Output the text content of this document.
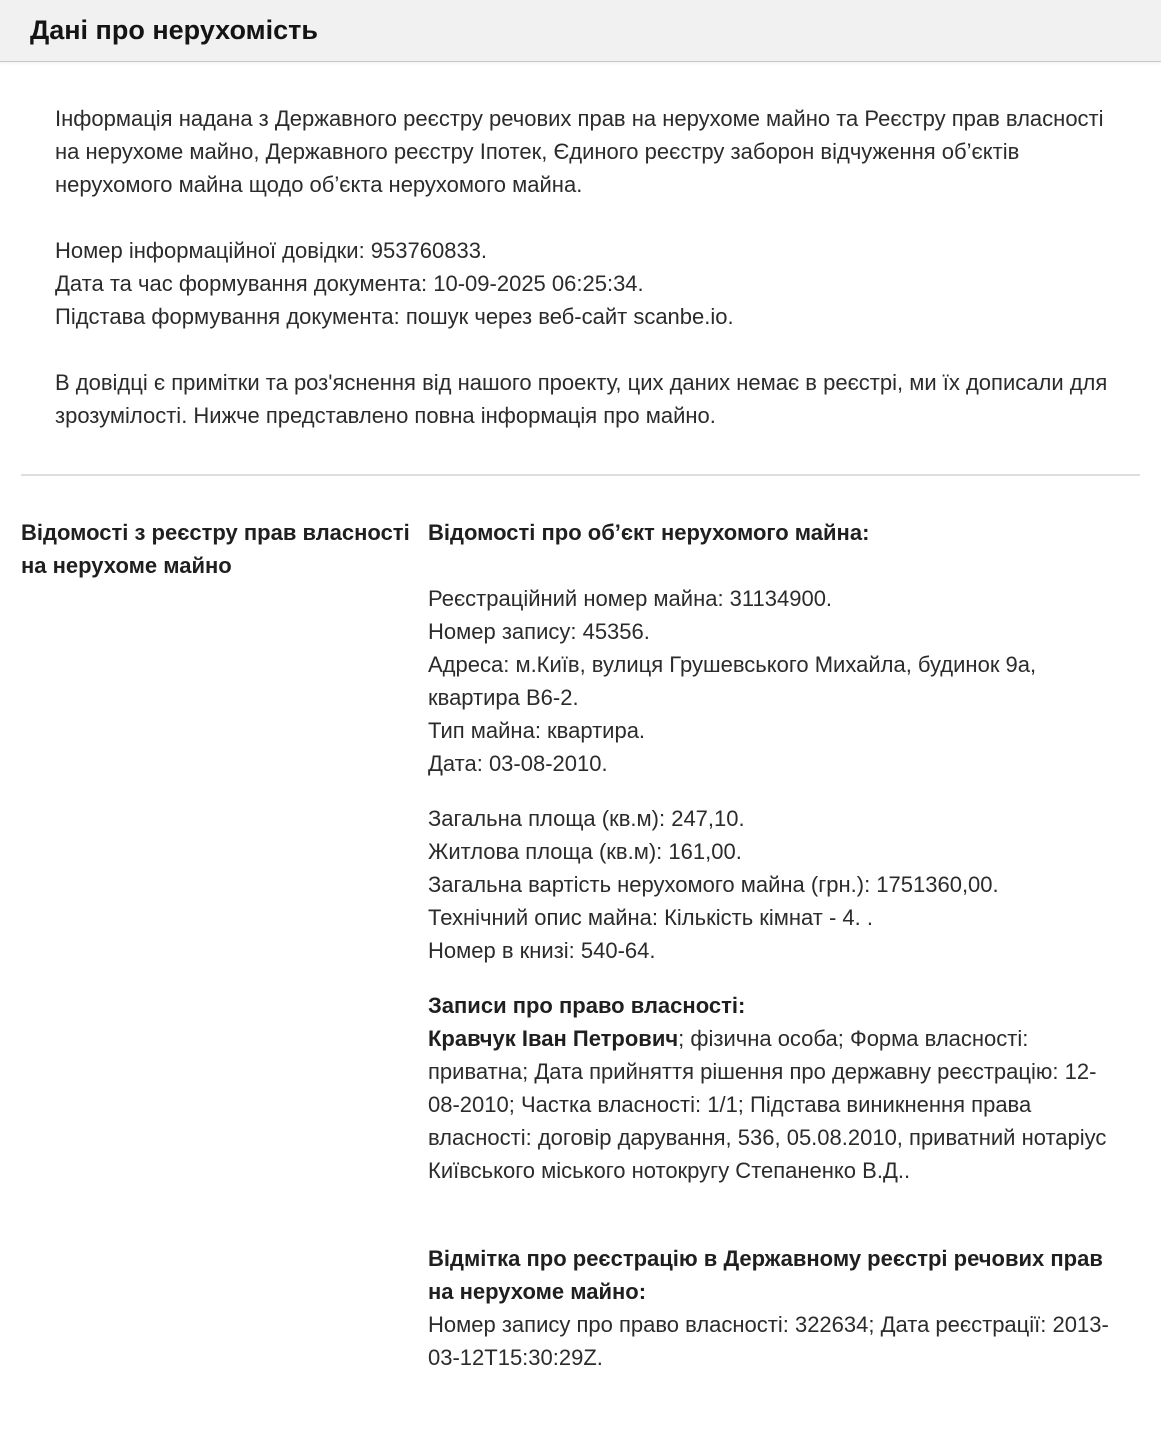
Дані про нерухомість

Інформація надана з Державного реєстру речових прав на нерухоме майно та Реєстру прав власності на нерухоме майно, Державного реєстру Іпотек, Єдиного реєстру заборон відчуження об’єктів нерухомого майна щодо об’єкта нерухомого майна.

Номер інформаційної довідки: 953760833.
Дата та час формування документа: 10-09-2025 06:25:34.
Підстава формування документа: пошук через веб-сайт scanbe.io.

В довідці є примітки та роз'яснення від нашого проекту, цих даних немає в реєстрі, ми їх дописали для зрозумілості. Нижче представлено повна інформація про майно.

Відомості з реєстру прав власності на нерухоме майно
Відомості про об’єкт нерухомого майна:
Реєстраційний номер майна: 31134900.
Номер запису: 45356.
Адреса: м.Київ, вулиця Грушевського Михайла, будинок 9а, квартира В6-2.
Тип майна: квартира.
Дата: 03-08-2010.
Загальна площа (кв.м): 247,10.
Житлова площа (кв.м): 161,00.
Загальна вартість нерухомого майна (грн.): 1751360,00.
Технічний опис майна: Кількість кімнат - 4. .
Номер в книзі: 540-64.
Записи про право власності:
Кравчук Іван Петрович; фізична особа; Форма власності: приватна; Дата прийняття рішення про державну реєстрацію: 12-08-2010; Частка власності: 1/1; Підстава виникнення права власності: договір дарування, 536, 05.08.2010, приватний нотаріус Київського міського нотокругу Степаненко В.Д..
Відмітка про реєстрацію в Державному реєстрі речових прав на нерухоме майно:
Номер запису про право власності: 322634; Дата реєстрації: 2013-03-12T15:30:29Z.
